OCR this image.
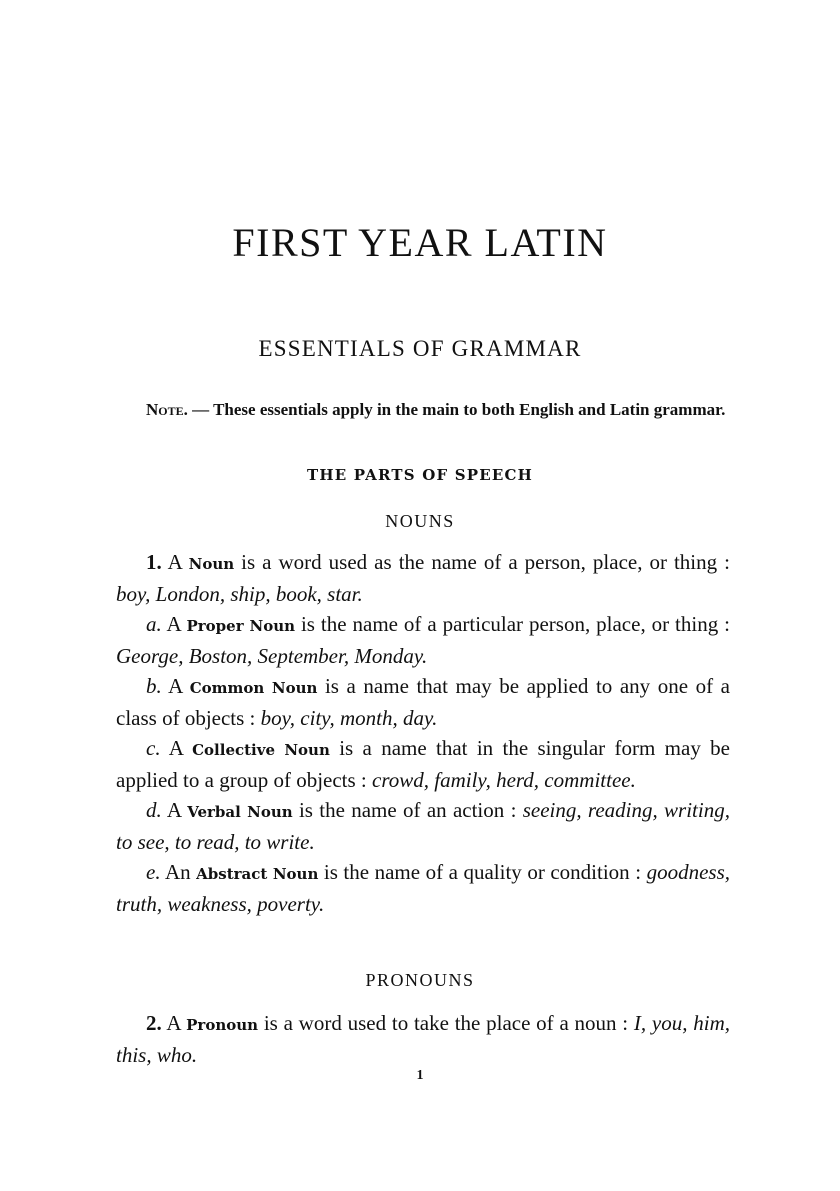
FIRST YEAR LATIN
ESSENTIALS OF GRAMMAR
Note. — These essentials apply in the main to both English and Latin grammar.
THE PARTS OF SPEECH
NOUNS

1. A Noun is a word used as the name of a person, place, or thing : boy, London, ship, book, star.

a. A Proper Noun is the name of a particular person, place, or thing : George, Boston, September, Monday.

b. A Common Noun is a name that may be applied to any one of a class of objects : boy, city, month, day.

c. A Collective Noun is a name that in the singular form may be applied to a group of objects : crowd, family, herd, committee.

d. A Verbal Noun is the name of an action : seeing, reading, writing, to see, to read, to write.

e. An Abstract Noun is the name of a quality or condition : goodness, truth, weakness, poverty.

PRONOUNS

2. A Pronoun is a word used to take the place of a noun : I, you, him, this, who.

1
